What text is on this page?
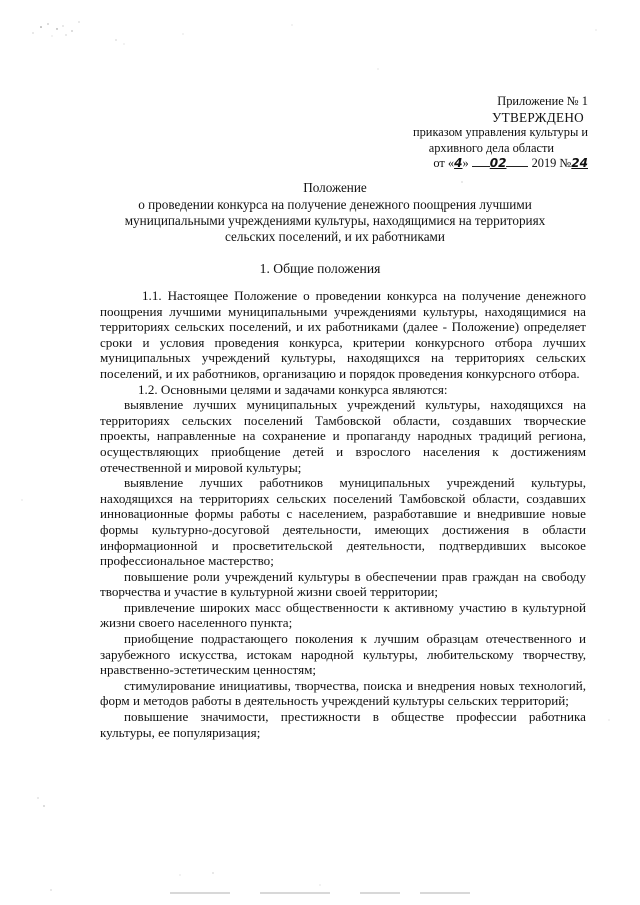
Приложение № 1
УТВЕРЖДЕНО
приказом управления культуры и
архивного дела области
от «4» 02 2019 №24
Положение
о проведении конкурса на получение денежного поощрения лучшими муниципальными учреждениями культуры, находящимися на территориях сельских поселений, и их работниками
1. Общие положения

1.1. Настоящее Положение о проведении конкурса на получение денежного поощрения лучшими муниципальными учреждениями культуры, находящимися на территориях сельских поселений, и их работниками (далее - Положение) определяет сроки и условия проведения конкурса, критерии конкурсного отбора лучших муниципальных учреждений культуры, находящихся на территориях сельских поселений, и их работников, организацию и порядок проведения конкурсного отбора.

1.2. Основными целями и задачами конкурса являются:

выявление лучших муниципальных учреждений культуры, находящихся на территориях сельских поселений Тамбовской области, создавших творческие проекты, направленные на сохранение и пропаганду народных традиций региона, осуществляющих приобщение детей и взрослого населения к достижениям отечественной и мировой культуры;

выявление лучших работников муниципальных учреждений культуры, находящихся на территориях сельских поселений Тамбовской области, создавших инновационные формы работы с населением, разработавшие и внедрившие новые формы культурно-досуговой деятельности, имеющих достижения в области информационной и просветительской деятельности, подтвердивших высокое профессиональное мастерство;

повышение роли учреждений культуры в обеспечении прав граждан на свободу творчества и участие в культурной жизни своей территории;

привлечение широких масс общественности к активному участию в культурной жизни своего населенного пункта;

приобщение подрастающего поколения к лучшим образцам отечественного и зарубежного искусства, истокам народной культуры, любительскому творчеству, нравственно-эстетическим ценностям;

стимулирование инициативы, творчества, поиска и внедрения новых технологий, форм и методов работы в деятельность учреждений культуры сельских территорий;

повышение значимости, престижности в обществе профессии работника культуры, ее популяризация;
